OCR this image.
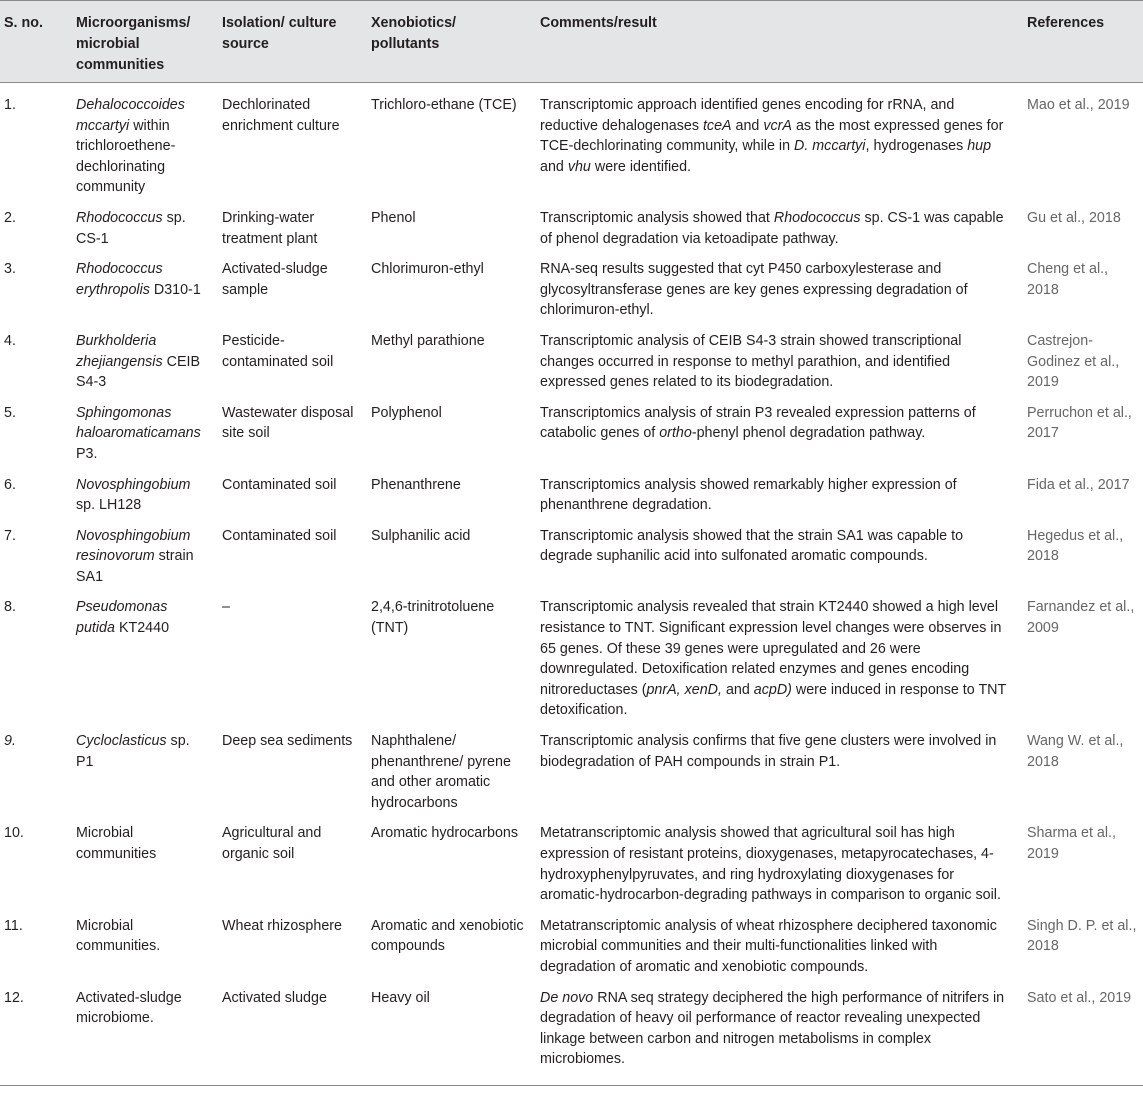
S. no.	Microorganisms/ microbial communities	Isolation/ culture source	Xenobiotics/ pollutants	Comments/result	References
1.	Dehalococcoides mccartyi within trichloroethene-dechlorinating community	Dechlorinated enrichment culture	Trichloro-ethane (TCE)	Transcriptomic approach identified genes encoding for rRNA, and reductive dehalogenases tceA and vcrA as the most expressed genes for TCE-dechlorinating community, while in D. mccartyi, hydrogenases hup and vhu were identified.	Mao et al., 2019
2.	Rhodococcus sp. CS-1	Drinking-water treatment plant	Phenol	Transcriptomic analysis showed that Rhodococcus sp. CS-1 was capable of phenol degradation via ketoadipate pathway.	Gu et al., 2018
3.	Rhodococcus erythropolis D310-1	Activated-sludge sample	Chlorimuron-ethyl	RNA-seq results suggested that cyt P450 carboxylesterase and glycosyltransferase genes are key genes expressing degradation of chlorimuron-ethyl.	Cheng et al., 2018
4.	Burkholderia zhejiangensis CEIB S4-3	Pesticide-contaminated soil	Methyl parathione	Transcriptomic analysis of CEIB S4-3 strain showed transcriptional changes occurred in response to methyl parathion, and identified expressed genes related to its biodegradation.	Castrejon-Godinez et al., 2019
5.	Sphingomonas haloaromaticamans P3.	Wastewater disposal site soil	Polyphenol	Transcriptomics analysis of strain P3 revealed expression patterns of catabolic genes of ortho-phenyl phenol degradation pathway.	Perruchon et al., 2017
6.	Novosphingobium sp. LH128	Contaminated soil	Phenanthrene	Transcriptomics analysis showed remarkably higher expression of phenanthrene degradation.	Fida et al., 2017
7.	Novosphingobium resinovorum strain SA1	Contaminated soil	Sulphanilic acid	Transcriptomic analysis showed that the strain SA1 was capable to degrade suphanilic acid into sulfonated aromatic compounds.	Hegedus et al., 2018
8.	Pseudomonas putida KT2440	–	2,4,6-trinitrotoluene (TNT)	Transcriptomic analysis revealed that strain KT2440 showed a high level resistance to TNT. Significant expression level changes were observes in 65 genes. Of these 39 genes were upregulated and 26 were downregulated. Detoxification related enzymes and genes encoding nitroreductases (pnrA, xenD, and acpD) were induced in response to TNT detoxification.	Farnandez et al., 2009
9.	Cycloclasticus sp. P1	Deep sea sediments	Naphthalene/ phenanthrene/ pyrene and other aromatic hydrocarbons	Transcriptomic analysis confirms that five gene clusters were involved in biodegradation of PAH compounds in strain P1.	Wang W. et al., 2018
10.	Microbial communities	Agricultural and organic soil	Aromatic hydrocarbons	Metatranscriptomic analysis showed that agricultural soil has high expression of resistant proteins, dioxygenases, metapyrocatechases, 4-hydroxyphenylpyruvates, and ring hydroxylating dioxygenases for aromatic-hydrocarbon-degrading pathways in comparison to organic soil.	Sharma et al., 2019
11.	Microbial communities.	Wheat rhizosphere	Aromatic and xenobiotic compounds	Metatranscriptomic analysis of wheat rhizosphere deciphered taxonomic microbial communities and their multi-functionalities linked with degradation of aromatic and xenobiotic compounds.	Singh D. P. et al., 2018
12.	Activated-sludge microbiome.	Activated sludge	Heavy oil	De novo RNA seq strategy deciphered the high performance of nitrifers in degradation of heavy oil performance of reactor revealing unexpected linkage between carbon and nitrogen metabolisms in complex microbiomes.	Sato et al., 2019
